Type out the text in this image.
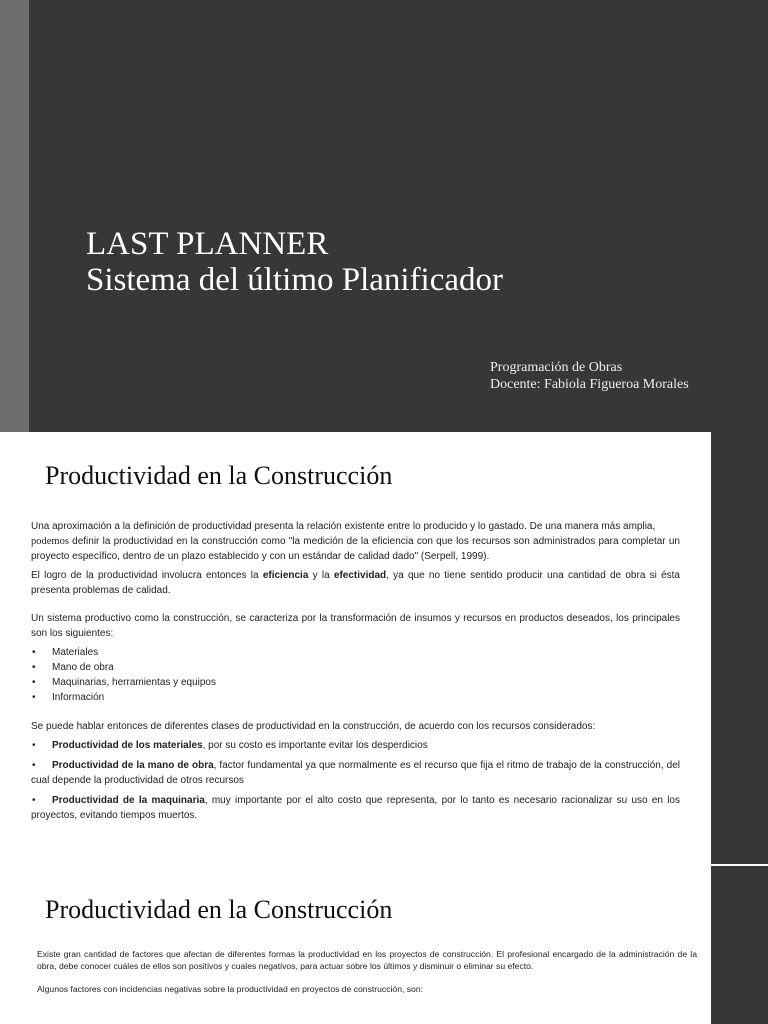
LAST PLANNER
Sistema del último Planificador
Programación de Obras
Docente: Fabiola Figueroa Morales
Productividad en la Construcción

Una aproximación a la definición de productividad presenta la relación existente entre lo producido y lo gastado. De una manera más amplia,
podemos definir la productividad en la construcción como "la medición de la eficiencia con que los recursos son administrados para completar un proyecto específico, dentro de un plazo establecido y con un estándar de calidad dado" (Serpell, 1999).

El logro de la productividad involucra entonces la eficiencia y la efectividad, ya que no tiene sentido producir una cantidad de obra si ésta presenta problemas de calidad.

Un sistema productivo como la construcción, se caracteriza por la transformación de insumos y recursos en productos deseados, los principales son los siguientes:

• Materiales
• Mano de obra
• Maquinarias, herramientas y equipos
• Información

Se puede hablar entonces de diferentes clases de productividad en la construcción, de acuerdo con los recursos considerados:

• Productividad de los materiales, por su costo es importante evitar los desperdicios

• Productividad de la mano de obra, factor fundamental ya que normalmente es el recurso que fija el ritmo de trabajo de la construcción, del cual depende la productividad de otros recursos

• Productividad de la maquinaria, muy importante por el alto costo que representa, por lo tanto es necesario racionalizar su uso en los proyectos, evitando tiempos muertos.

Productividad en la Construcción

Existe gran cantidad de factores que afectan de diferentes formas la productividad en los proyectos de construcción. El profesional encargado de la administración de la obra, debe conocer cuáles de ellos son positivos y cuales negativos, para actuar sobre los últimos y disminuir o eliminar su efecto.

Algunos factores con incidencias negativas sobre la productividad en proyectos de construcción, son:
